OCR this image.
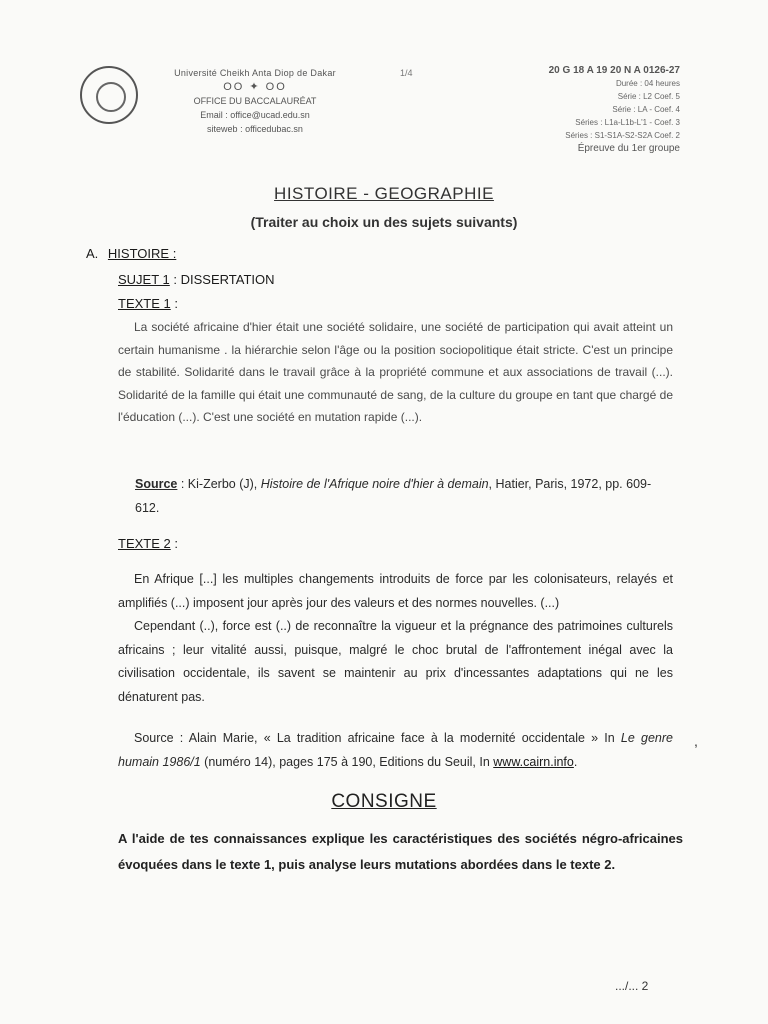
Université Cheikh Anta Diop de Dakar
OO ✦ OO
OFFICE DU BACCALAURÉAT
Email : office@ucad.edu.sn
siteweb : officedubac.sn
1/4	20 G 18 A 19 20 N A 0126-27
Durée : 04 heures
Série : L2 Coef. 5
Série : LA - Coef. 4
Séries : L1a-L1b-L'1 - Coef. 3
Séries : S1-S1A-S2-S2A Coef. 2
Épreuve du 1er groupe
HISTOIRE - GEOGRAPHIE
(Traiter au choix un des sujets suivants)
A. HISTOIRE :
SUJET 1 : DISSERTATION
TEXTE 1 :
La société africaine d'hier était une société solidaire, une société de participation qui avait atteint un certain humanisme . la hiérarchie selon l'âge ou la position sociopolitique était stricte. C'est un principe de stabilité. Solidarité dans le travail grâce à la propriété commune et aux associations de travail (...). Solidarité de la famille qui était une communauté de sang, de la culture du groupe en tant que chargé de l'éducation (...). C'est une société en mutation rapide (...).
Source : Ki-Zerbo (J), Histoire de l'Afrique noire d'hier à demain, Hatier, Paris, 1972, pp. 609-612.
TEXTE 2 :
En Afrique [...] les multiples changements introduits de force par les colonisateurs, relayés et amplifiés (...) imposent jour après jour des valeurs et des normes nouvelles. (...)
Cependant (..), force est (..) de reconnaître la vigueur et la prégnance des patrimoines culturels africains ; leur vitalité aussi, puisque, malgré le choc brutal de l'affrontement inégal avec la civilisation occidentale, ils savent se maintenir au prix d'incessantes adaptations qui ne les dénaturent pas.
Source : Alain Marie, « La tradition africaine face à la modernité occidentale » In Le genre humain 1986/1 (numéro 14), pages 175 à 190, Editions du Seuil, In www.cairn.info.
,
CONSIGNE
A l'aide de tes connaissances explique les caractéristiques des sociétés négro-africaines évoquées dans le texte 1, puis analyse leurs mutations abordées dans le texte 2.
.../... 2
